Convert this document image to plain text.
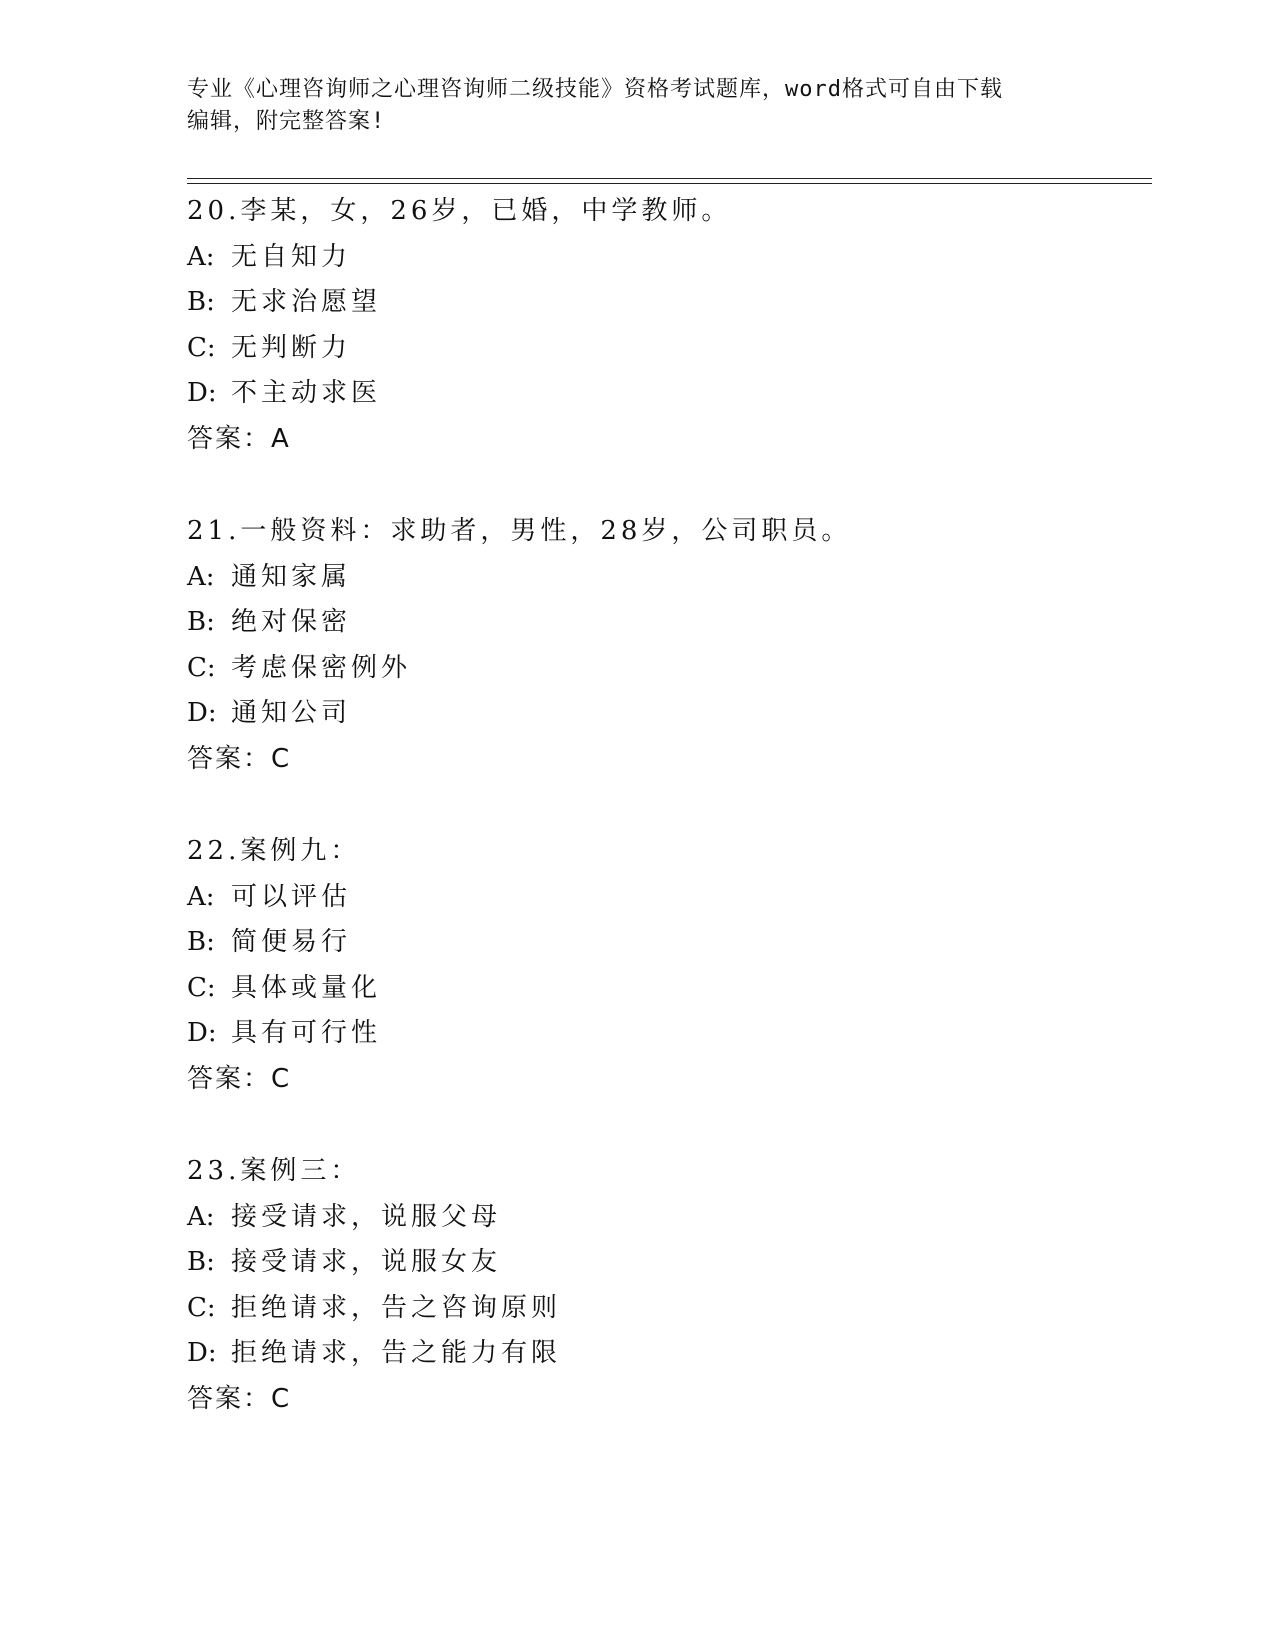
专业《心理咨询师之心理咨询师二级技能》资格考试题库，word格式可自由下载
编辑，附完整答案!
20.李某，女，26岁，已婚，中学教师。
A: 无自知力
B: 无求治愿望
C: 无判断力
D: 不主动求医
答案：A
21.一般资料：求助者，男性，28岁，公司职员。
A: 通知家属
B: 绝对保密
C: 考虑保密例外
D: 通知公司
答案：C
22.案例九：
A: 可以评估
B: 简便易行
C: 具体或量化
D: 具有可行性
答案：C
23.案例三：
A: 接受请求，说服父母
B: 接受请求，说服女友
C: 拒绝请求，告之咨询原则
D: 拒绝请求，告之能力有限
答案：C
